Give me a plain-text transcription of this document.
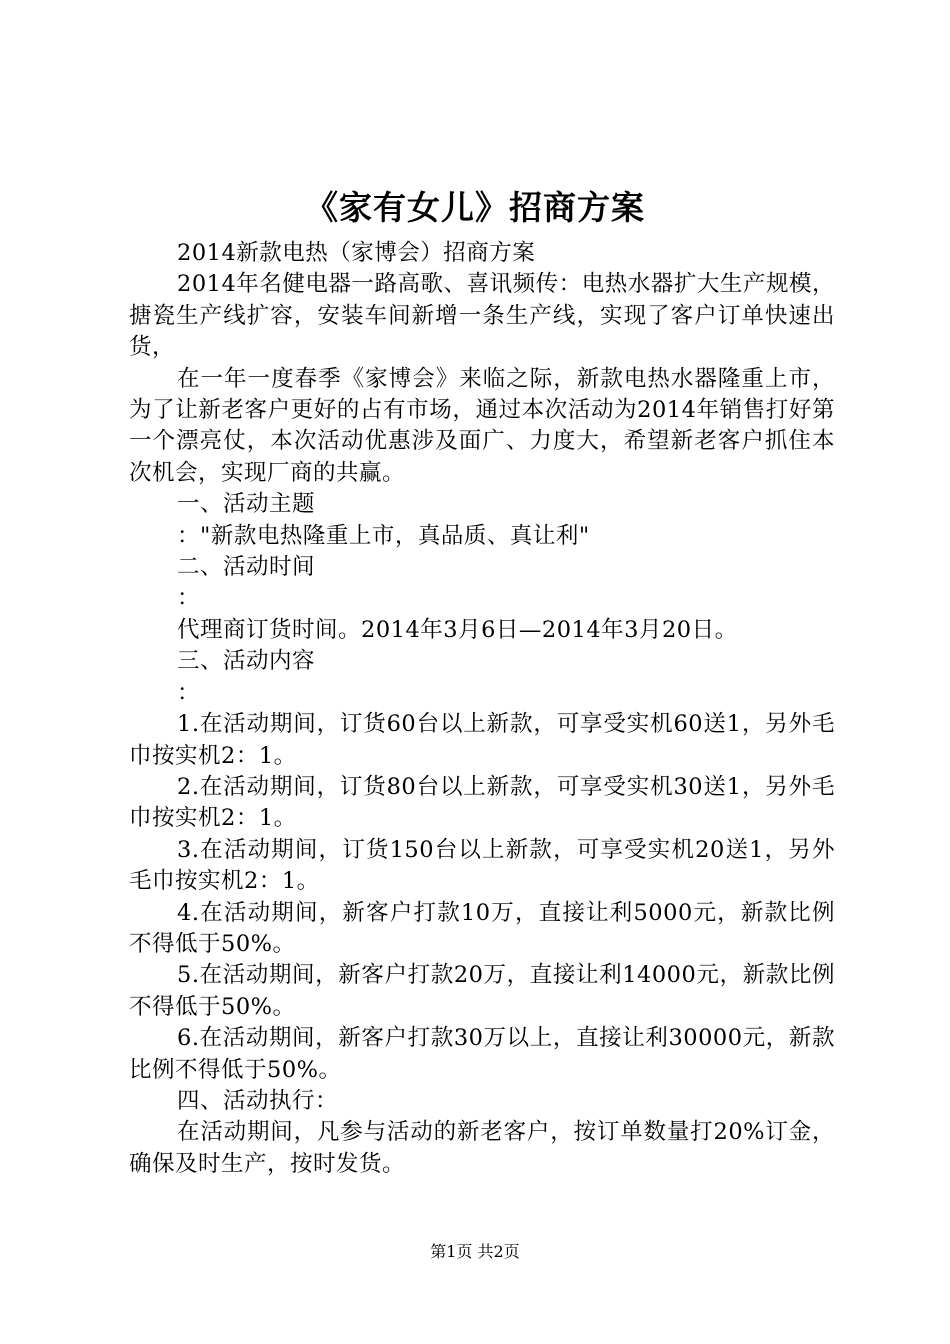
《家有女儿》招商方案

2014新款电热（家博会）招商方案

2014年名健电器一路高歌、喜讯频传：电热水器扩大生产规模，搪瓷生产线扩容，安装车间新增一条生产线，实现了客户订单快速出货，

在一年一度春季《家博会》来临之际，新款电热水器隆重上市，为了让新老客户更好的占有市场，通过本次活动为2014年销售打好第一个漂亮仗，本次活动优惠涉及面广、力度大，希望新老客户抓住本次机会，实现厂商的共赢。

一、活动主题

："新款电热隆重上市，真品质、真让利"

二、活动时间

：

代理商订货时间。2014年3月6日—2014年3月20日。

三、活动内容

：

1.在活动期间，订货60台以上新款，可享受实机60送1，另外毛巾按实机2：1。

2.在活动期间，订货80台以上新款，可享受实机30送1，另外毛巾按实机2：1。

3.在活动期间，订货150台以上新款，可享受实机20送1，另外毛巾按实机2：1。

4.在活动期间，新客户打款10万，直接让利5000元，新款比例不得低于50%。

5.在活动期间，新客户打款20万，直接让利14000元，新款比例不得低于50%。

6.在活动期间，新客户打款30万以上，直接让利30000元，新款比例不得低于50%。

四、活动执行：

在活动期间，凡参与活动的新老客户，按订单数量打20%订金，确保及时生产，按时发货。

第1页 共2页
